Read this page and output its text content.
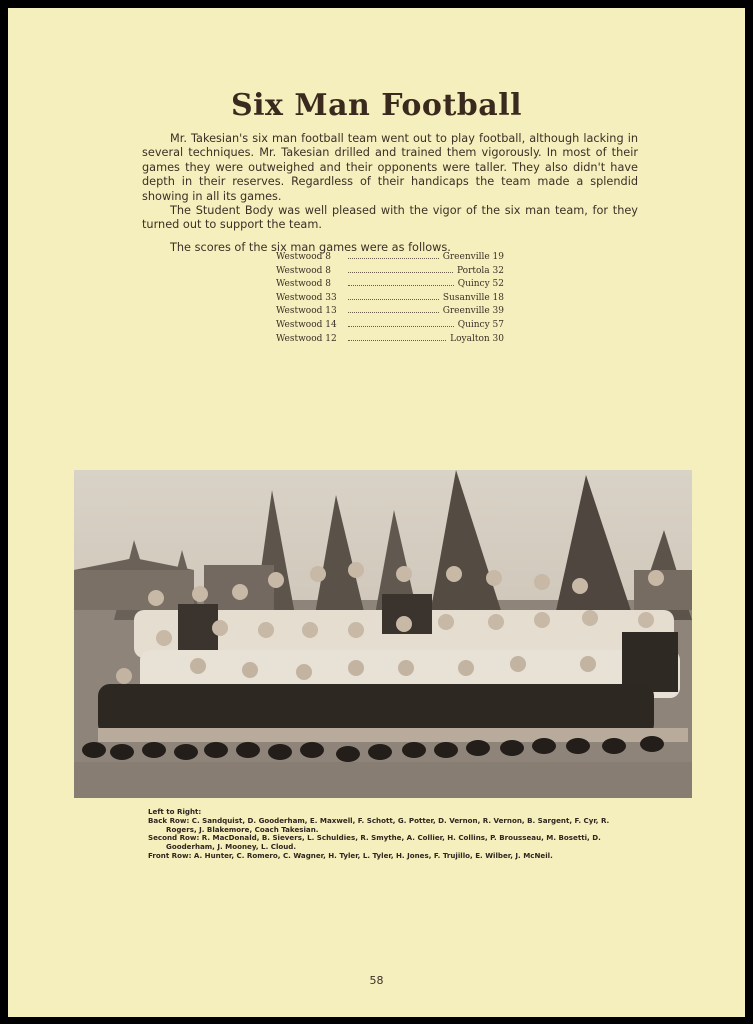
Six Man Football

Mr. Takesian's six man football team went out to play football, although lacking in several techniques. Mr. Takesian drilled and trained them vigorously. In most of their games they were outweighed and their opponents were taller. They also didn't have depth in their reserves. Regardless of their handicaps the team made a splendid showing in all its games.

The Student Body was well pleased with the vigor of the six man team, for they turned out to support the team.

The scores of the six man games were as follows.

Westwood 8	Greenville 19
Westwood 8	Portola 32
Westwood 8	Quincy 52
Westwood 33	Susanville 18
Westwood 13	Greenville 39
Westwood 14	Quincy 57
Westwood 12	Loyalton 30
Left to Right:
Back Row: C. Sandquist, D. Gooderham, E. Maxwell, F. Schott, G. Potter, D. Vernon, R. Vernon, B. Sargent, F. Cyr, R. Rogers, J. Blakemore, Coach Takesian.
Second Row: R. MacDonald, B. Sievers, L. Schuldies, R. Smythe, A. Collier, H. Collins, P. Brousseau, M. Bosetti, D. Gooderham, J. Mooney, L. Cloud.
Front Row: A. Hunter, C. Romero, C. Wagner, H. Tyler, L. Tyler, H. Jones, F. Trujillo, E. Wilber, J. McNeil.
58
